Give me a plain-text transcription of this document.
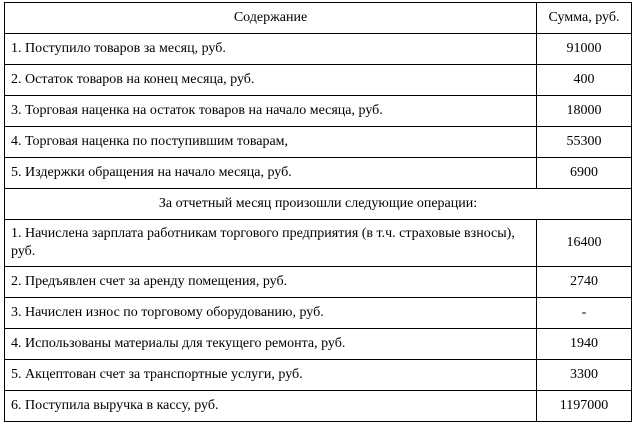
Содержание	Сумма, руб.
1. Поступило товаров за месяц, руб.	91000
2. Остаток товаров на конец месяца, руб.	400
3. Торговая наценка на остаток товаров на начало месяца, руб.	18000
4. Торговая наценка по поступившим товарам,	55300
5. Издержки обращения на начало месяца, руб.	6900
За отчетный месяц произошли следующие операции:	
1. Начислена зарплата работникам торгового предприятия (в т.ч. страховые взносы), руб.	16400
2. Предъявлен счет за аренду помещения, руб.	2740
3. Начислен износ по торговому оборудованию, руб.	-
4. Использованы материалы для текущего ремонта, руб.	1940
5. Акцептован счет за транспортные услуги, руб.	3300
6. Поступила выручка в кассу, руб.	1197000
